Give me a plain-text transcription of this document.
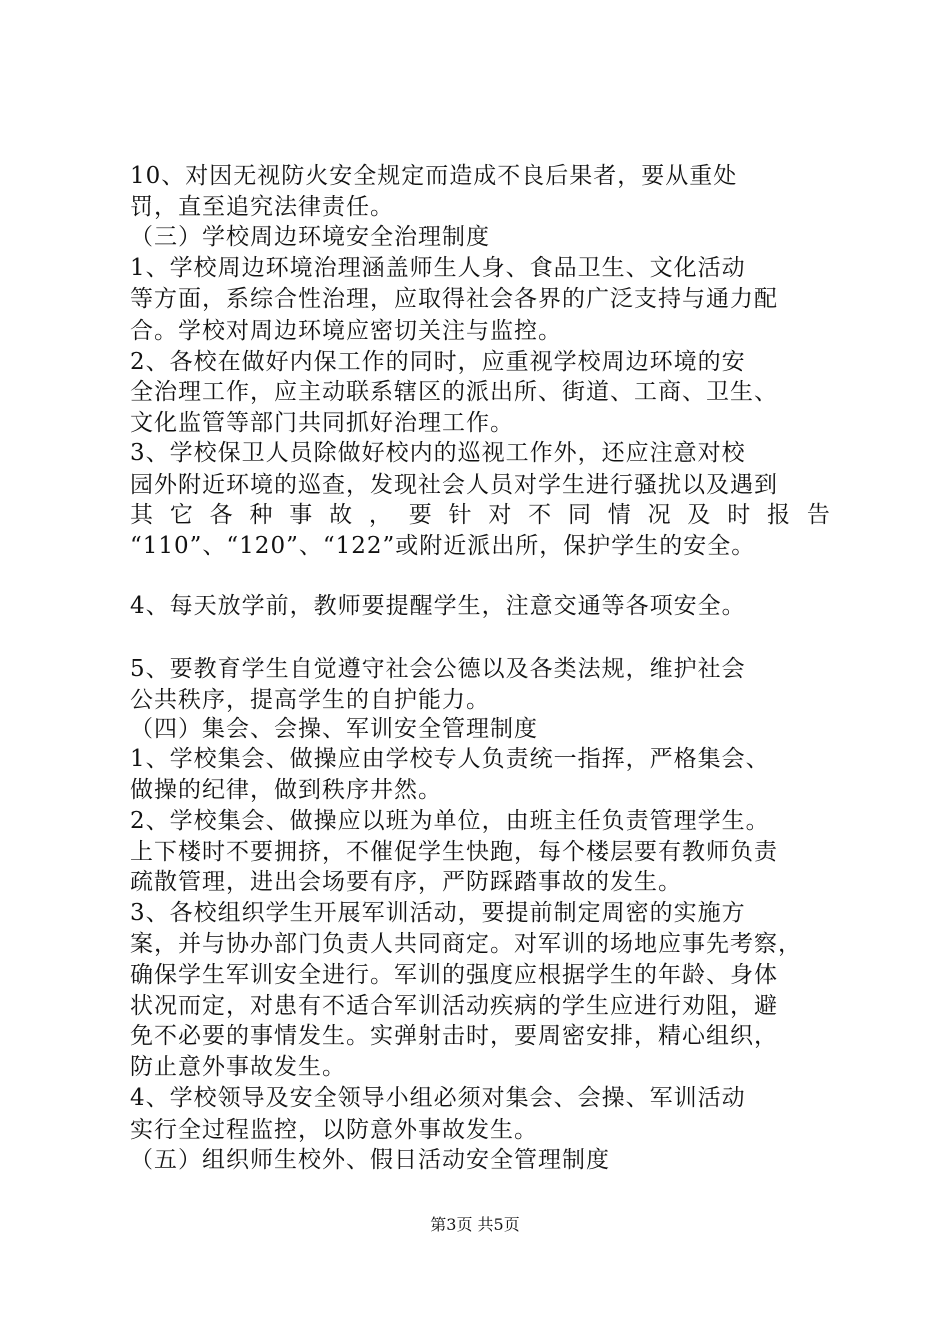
10、对因无视防火安全规定而造成不良后果者，要从重处
罚，直至追究法律责任。
（三）学校周边环境安全治理制度
1、学校周边环境治理涵盖师生人身、食品卫生、文化活动
等方面，系综合性治理，应取得社会各界的广泛支持与通力配
合。学校对周边环境应密切关注与监控。
2、各校在做好内保工作的同时，应重视学校周边环境的安
全治理工作，应主动联系辖区的派出所、街道、工商、卫生、
文化监管等部门共同抓好治理工作。
3、学校保卫人员除做好校内的巡视工作外，还应注意对校
园外附近环境的巡查，发现社会人员对学生进行骚扰以及遇到
其 它 各 种 事 故 ， 要 针 对 不 同 情 况 及 时 报 告
“110”、“120”、“122”或附近派出所，保护学生的安全。
4、每天放学前，教师要提醒学生，注意交通等各项安全。
5、要教育学生自觉遵守社会公德以及各类法规，维护社会
公共秩序，提高学生的自护能力。
（四）集会、会操、军训安全管理制度
1、学校集会、做操应由学校专人负责统一指挥，严格集会、
做操的纪律，做到秩序井然。
2、学校集会、做操应以班为单位，由班主任负责管理学生。
上下楼时不要拥挤，不催促学生快跑，每个楼层要有教师负责
疏散管理，进出会场要有序，严防踩踏事故的发生。
3、各校组织学生开展军训活动，要提前制定周密的实施方
案，并与协办部门负责人共同商定。对军训的场地应事先考察，
确保学生军训安全进行。军训的强度应根据学生的年龄、身体
状况而定，对患有不适合军训活动疾病的学生应进行劝阻，避
免不必要的事情发生。实弹射击时，要周密安排，精心组织，
防止意外事故发生。
4、学校领导及安全领导小组必须对集会、会操、军训活动
实行全过程监控，以防意外事故发生。
（五）组织师生校外、假日活动安全管理制度
第3页 共5页
